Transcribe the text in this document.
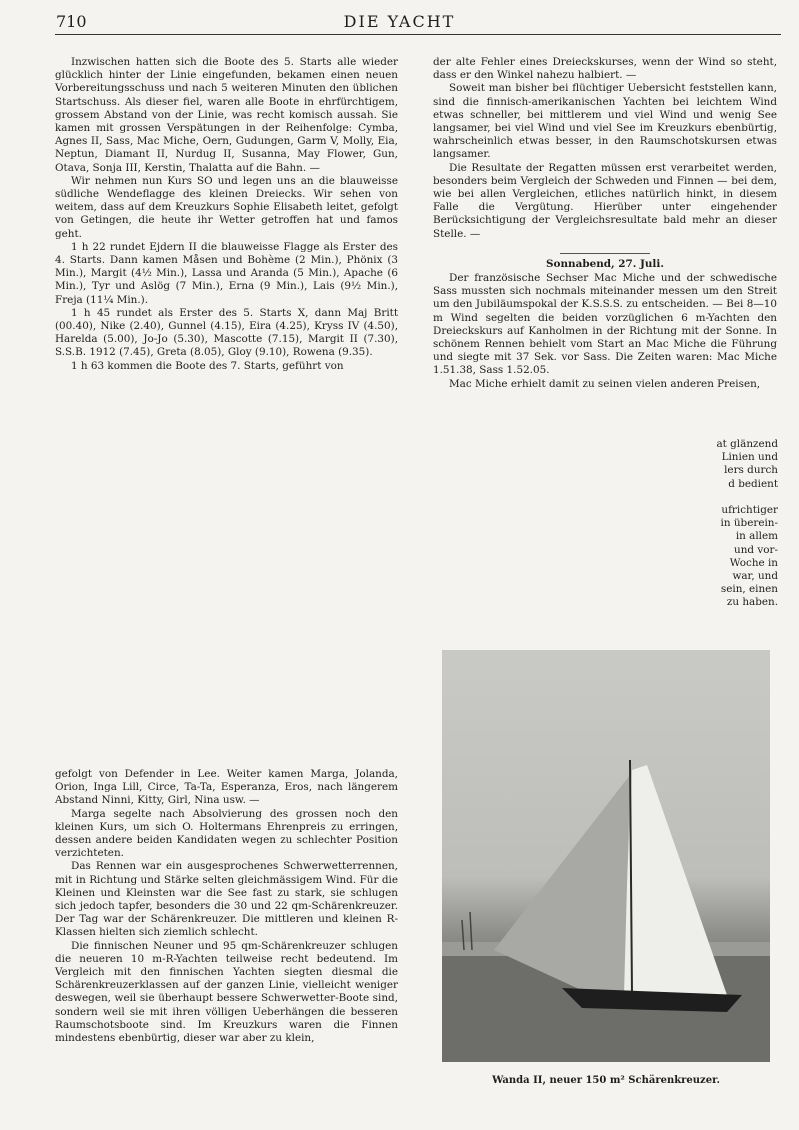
710	DIE YACHT

Inzwischen hatten sich die Boote des 5. Starts alle wieder glücklich hinter der Linie eingefunden, bekamen einen neuen Vorbereitungsschuss und nach 5 weiteren Minuten den üblichen Startschuss. Als dieser fiel, waren alle Boote in ehrfürchtigem, grossem Abstand von der Linie, was recht komisch aussah. Sie kamen mit grossen Verspätungen in der Reihenfolge: Cymba, Agnes II, Sass, Mac Miche, Oern, Gudungen, Garm V, Molly, Eia, Neptun, Diamant II, Nurdug II, Susanna, May Flower, Gun, Otava, Sonja III, Kerstin, Thalatta auf die Bahn. —

Wir nehmen nun Kurs SO und legen uns an die blauweisse südliche Wendeflagge des kleinen Dreiecks. Wir sehen von weitem, dass auf dem Kreuzkurs Sophie Elisabeth leitet, gefolgt von Getingen, die heute ihr Wetter getroffen hat und famos geht.

1 h 22 rundet Ejdern II die blauweisse Flagge als Erster des 4. Starts. Dann kamen Måsen und Bohème (2 Min.), Phönix (3 Min.), Margit (4½ Min.), Lassa und Aranda (5 Min.), Apache (6 Min.), Tyr und Aslög (7 Min.), Erna (9 Min.), Lais (9½ Min.), Freja (11¼ Min.).

1 h 45 rundet als Erster des 5. Starts X, dann Maj Britt (00.40), Nike (2.40), Gunnel (4.15), Eira (4.25), Kryss IV (4.50), Harelda (5.00), Jo-Jo (5.30), Mascotte (7.15), Margit II (7.30), S.S.B. 1912 (7.45), Greta (8.05), Gloy (9.10), Rowena (9.35).

1 h 63 kommen die Boote des 7. Starts, geführt von

der alte Fehler eines Dreieckskurses, wenn der Wind so steht, dass er den Winkel nahezu halbiert. —

Soweit man bisher bei flüchtiger Uebersicht feststellen kann, sind die finnisch-amerikanischen Yachten bei leichtem Wind etwas schneller, bei mittlerem und viel Wind und wenig See langsamer, bei viel Wind und viel See im Kreuzkurs ebenbürtig, wahrscheinlich etwas besser, in den Raumschotskursen etwas langsamer.

Die Resultate der Regatten müssen erst verarbeitet werden, besonders beim Vergleich der Schweden und Finnen — bei dem, wie bei allen Vergleichen, etliches natürlich hinkt, in diesem Falle die Vergütung. Hierüber unter eingehender Berücksichtigung der Vergleichsresultate bald mehr an dieser Stelle. —

Sonnabend, 27. Juli.

Der französische Sechser Mac Miche und der schwedische Sass mussten sich nochmals miteinander messen um den Streit um den Jubiläumspokal der K.S.S.S. zu entscheiden. — Bei 8—10 m Wind segelten die beiden vorzüglichen 6 m-Yachten den Dreieckskurs auf Kanholmen in der Richtung mit der Sonne. In schönem Rennen behielt vom Start an Mac Miche die Führung und siegte mit 37 Sek. vor Sass. Die Zeiten waren: Mac Miche 1.51.38, Sass 1.52.05.

Mac Miche erhielt damit zu seinen vielen anderen Preisen,

at glänzend
Linien und
lers durch
d bedient

ufrichtiger
in überein-
in allem
und vor-
Woche in
war, und
sein, einen
zu haben.

gefolgt von Defender in Lee. Weiter kamen Marga, Jolanda, Orion, Inga Lill, Circe, Ta-Ta, Esperanza, Eros, nach längerem Abstand Ninni, Kitty, Girl, Nina usw. —

Marga segelte nach Absolvierung des grossen noch den kleinen Kurs, um sich O. Holtermans Ehrenpreis zu erringen, dessen andere beiden Kandidaten wegen zu schlechter Position verzichteten.

Das Rennen war ein ausgesprochenes Schwerwetterrennen, mit in Richtung und Stärke selten gleichmässigem Wind. Für die Kleinen und Kleinsten war die See fast zu stark, sie schlugen sich jedoch tapfer, besonders die 30 und 22 qm-Schärenkreuzer. Der Tag war der Schärenkreuzer. Die mittleren und kleinen R-Klassen hielten sich ziemlich schlecht.

Die finnischen Neuner und 95 qm-Schärenkreuzer schlugen die neueren 10 m-R-Yachten teilweise recht bedeutend. Im Vergleich mit den finnischen Yachten siegten diesmal die Schärenkreuzerklassen auf der ganzen Linie, vielleicht weniger deswegen, weil sie überhaupt bessere Schwerwetter-Boote sind, sondern weil sie mit ihren völligen Ueberhängen die besseren Raumschotsboote sind. Im Kreuzkurs waren die Finnen mindestens ebenbürtig, dieser war aber zu klein,

Wanda II, neuer 150 m² Schärenkreuzer.
